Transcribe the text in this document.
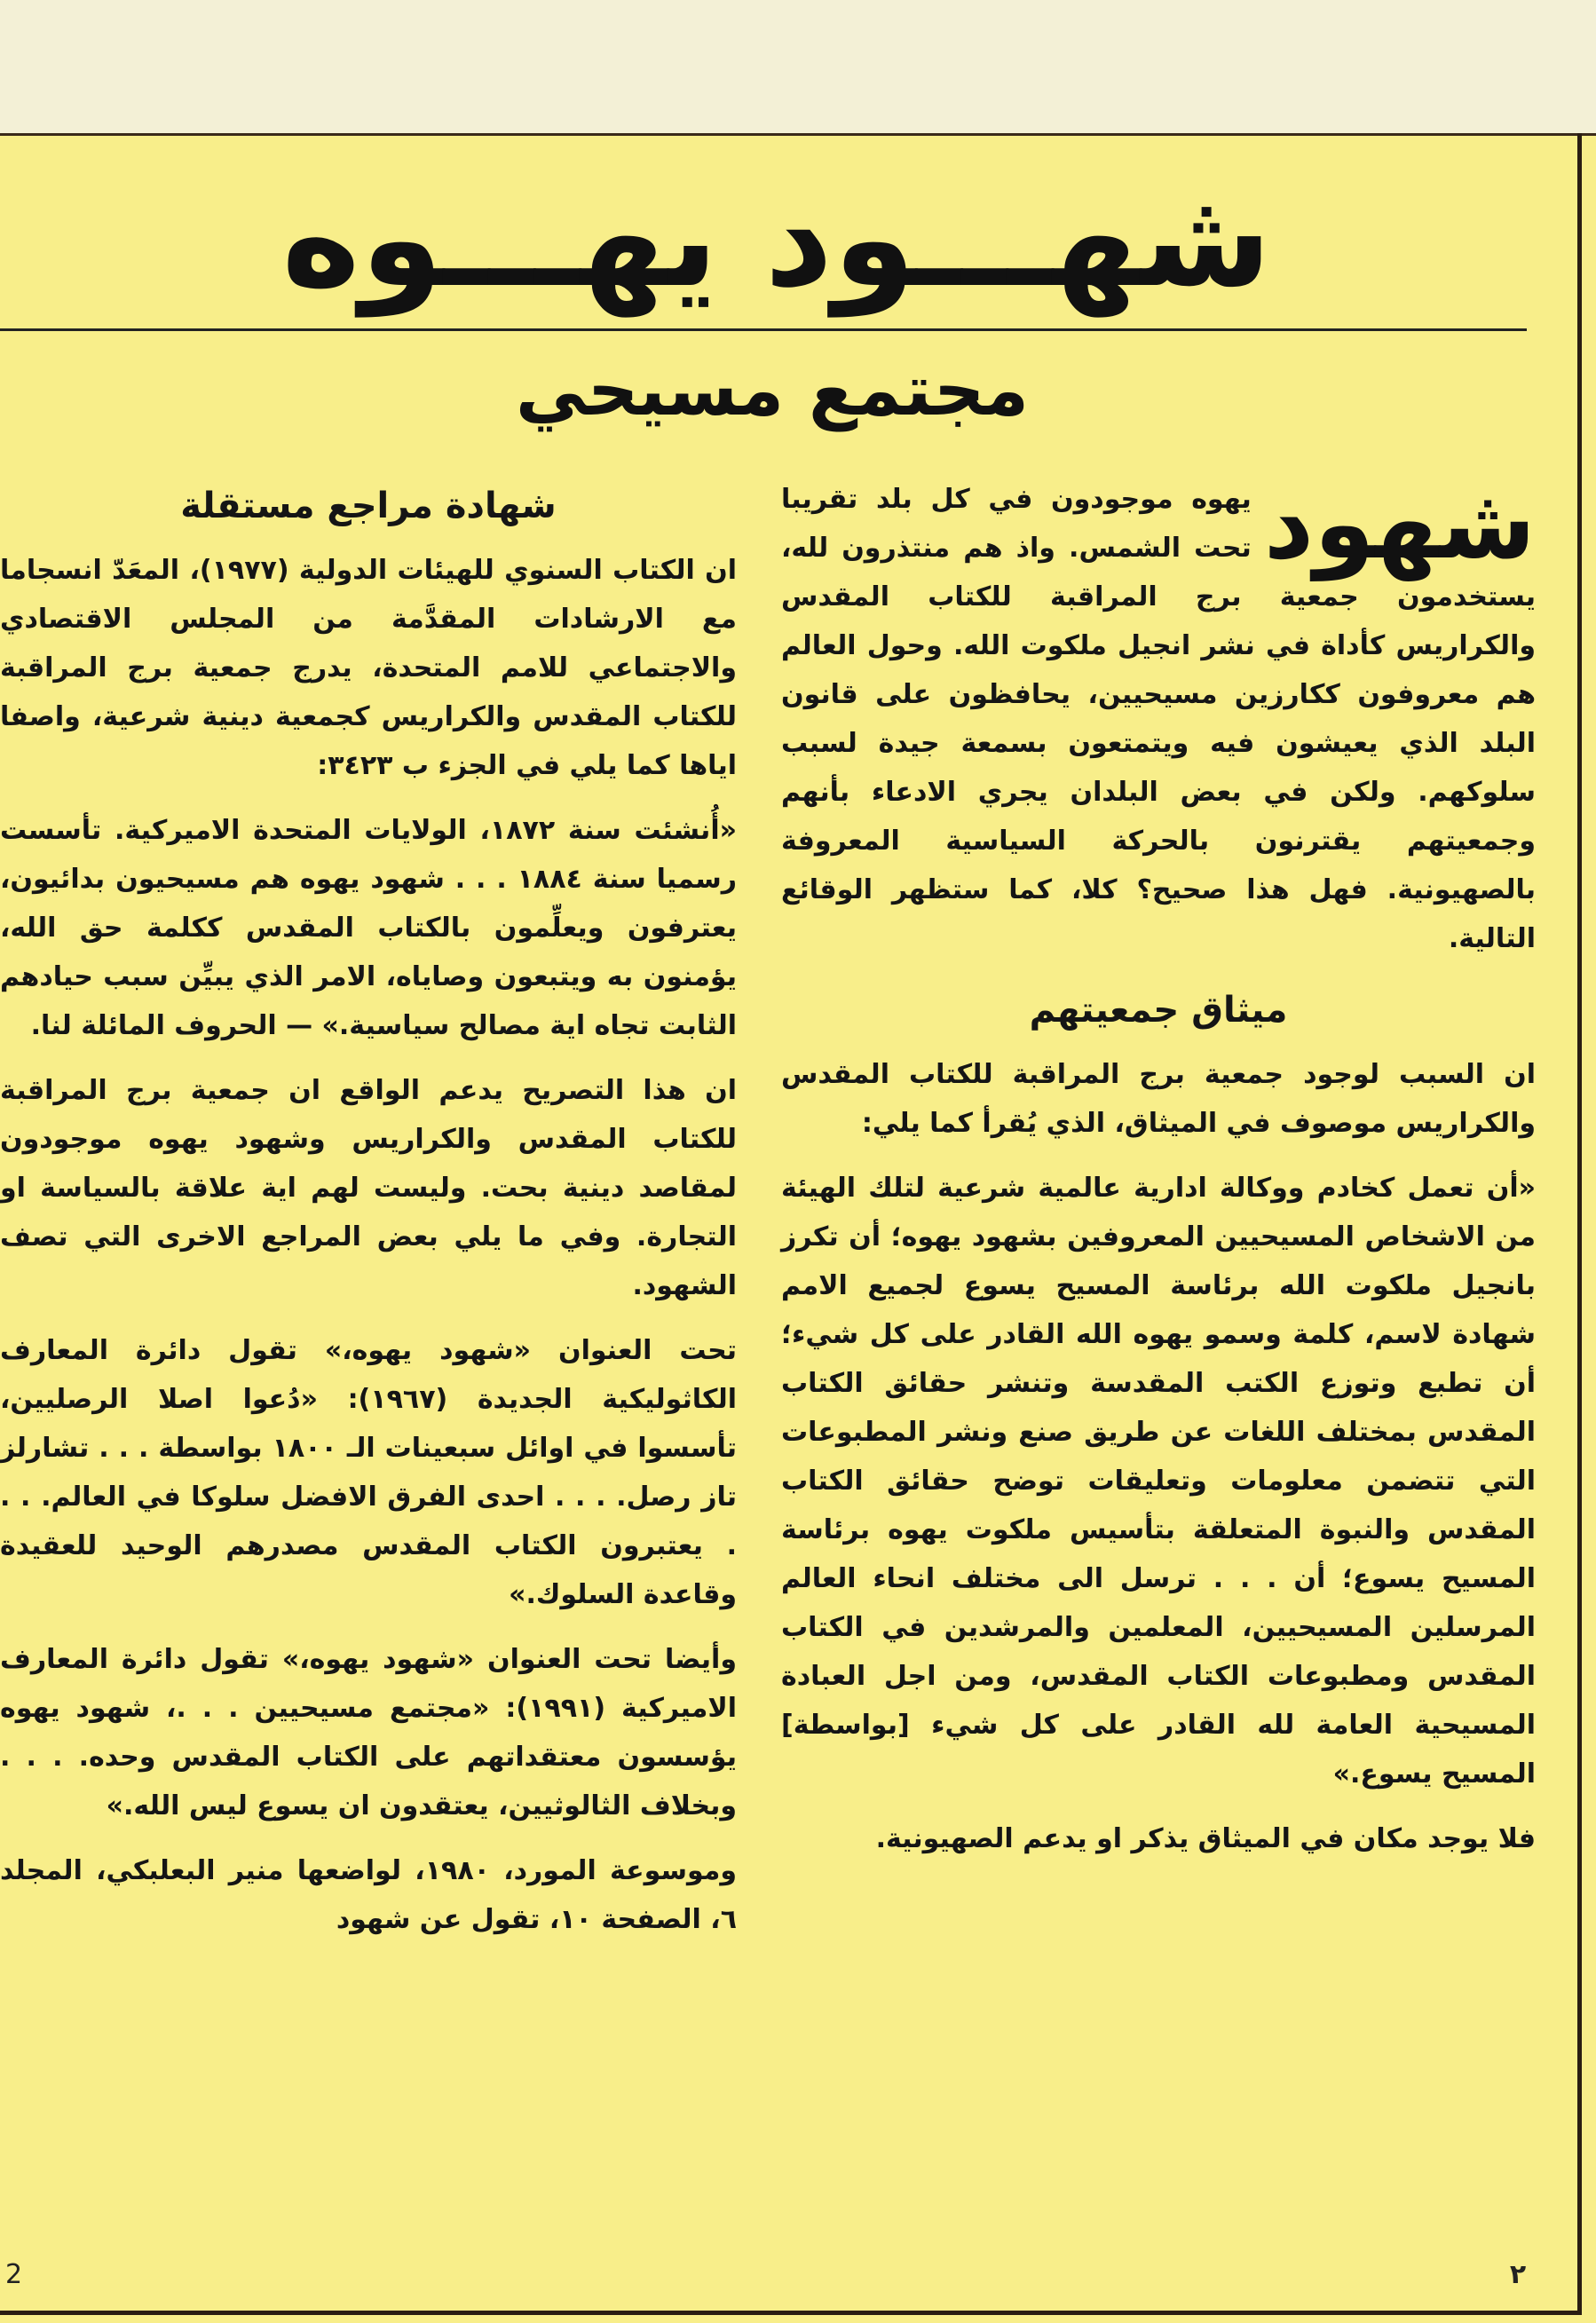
شهـــود يهـــوه
مجتمع مسيحي

شهود
يهوه موجودون في كل بلد تقريبا تحت الشمس. واذ هم منتذرون لله، يستخدمون جمعية برج المراقبة للكتاب المقدس والكراريس كأداة في نشر انجيل ملكوت الله. وحول العالم هم معروفون ككارزين مسيحيين، يحافظون على قانون البلد الذي يعيشون فيه ويتمتعون بسمعة جيدة لسبب سلوكهم. ولكن في بعض البلدان يجري الادعاء بأنهم وجمعيتهم يقترنون بالحركة السياسية المعروفة بالصهيونية. فهل هذا صحيح؟ كلا، كما ستظهر الوقائع التالية.

ميثاق جمعيتهم

ان السبب لوجود جمعية برج المراقبة للكتاب المقدس والكراريس موصوف في الميثاق، الذي يُقرأ كما يلي:

«أن تعمل كخادم ووكالة ادارية عالمية شرعية لتلك الهيئة من الاشخاص المسيحيين المعروفين بشهود يهوه؛ أن تكرز بانجيل ملكوت الله برئاسة المسيح يسوع لجميع الامم شهادة لاسم، كلمة وسمو يهوه الله القادر على كل شيء؛ أن تطبع وتوزع الكتب المقدسة وتنشر حقائق الكتاب المقدس بمختلف اللغات عن طريق صنع ونشر المطبوعات التي تتضمن معلومات وتعليقات توضح حقائق الكتاب المقدس والنبوة المتعلقة بتأسيس ملكوت يهوه برئاسة المسيح يسوع؛ أن . . . ترسل الى مختلف انحاء العالم المرسلين المسيحيين، المعلمين والمرشدين في الكتاب المقدس ومطبوعات الكتاب المقدس، ومن اجل العبادة المسيحية العامة لله القادر على كل شيء [بواسطة] المسيح يسوع.»

فلا يوجد مكان في الميثاق يذكر او يدعم الصهيونية.

شهادة مراجع مستقلة

ان الكتاب السنوي للهيئات الدولية (١٩٧٧)، المعَدّ انسجاما مع الارشادات المقدَّمة من المجلس الاقتصادي والاجتماعي للامم المتحدة، يدرج جمعية برج المراقبة للكتاب المقدس والكراريس كجمعية دينية شرعية، واصفا اياها كما يلي في الجزء ب ٣٤٢٣:

«أُنشئت سنة ١٨٧٢، الولايات المتحدة الاميركية. تأسست رسميا سنة ١٨٨٤ . . . شهود يهوه هم مسيحيون بدائيون، يعترفون ويعلِّمون بالكتاب المقدس ككلمة حق الله، يؤمنون به ويتبعون وصاياه، الامر الذي يبيِّن سبب حيادهم الثابت تجاه اية مصالح سياسية.» — الحروف المائلة لنا.

ان هذا التصريح يدعم الواقع ان جمعية برج المراقبة للكتاب المقدس والكراريس وشهود يهوه موجودون لمقاصد دينية بحت. وليست لهم اية علاقة بالسياسة او التجارة. وفي ما يلي بعض المراجع الاخرى التي تصف الشهود.

تحت العنوان «شهود يهوه،» تقول دائرة المعارف الكاثوليكية الجديدة (١٩٦٧): «دُعوا اصلا الرصليين، تأسسوا في اوائل سبعينات الـ ١٨٠٠ بواسطة . . . تشارلز تاز رصل. . . . احدى الفرق الافضل سلوكا في العالم. . . . يعتبرون الكتاب المقدس مصدرهم الوحيد للعقيدة وقاعدة السلوك.»

وأيضا تحت العنوان «شهود يهوه،» تقول دائرة المعارف الاميركية (١٩٩١): «مجتمع مسيحيين . . .، شهود يهوه يؤسسون معتقداتهم على الكتاب المقدس وحده. . . . وبخلاف الثالوثيين، يعتقدون ان يسوع ليس الله.»

وموسوعة المورد، ١٩٨٠، لواضعها منير البعلبكي، المجلد ٦، الصفحة ١٠، تقول عن شهود

٢
2
